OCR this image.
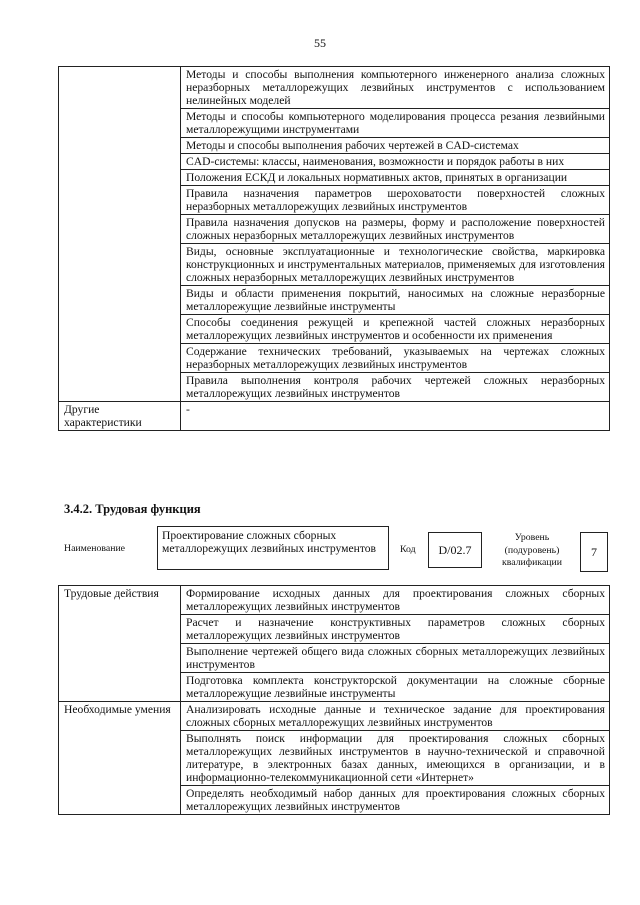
55
	Методы и способы выполнения компьютерного инженерного анализа сложных неразборных металлорежущих лезвийных инструментов с использованием нелинейных моделей
	Методы и способы компьютерного моделирования процесса резания лезвийными металлорежущими инструментами
	Методы и способы выполнения рабочих чертежей в CAD-системах
	CAD-системы: классы, наименования, возможности и порядок работы в них
	Положения ЕСКД и локальных нормативных актов, принятых в организации
	Правила назначения параметров шероховатости поверхностей сложных неразборных металлорежущих лезвийных инструментов
	Правила назначения допусков на размеры, форму и расположение поверхностей сложных неразборных металлорежущих лезвийных инструментов
	Виды, основные эксплуатационные и технологические свойства, маркировка конструкционных и инструментальных материалов, применяемых для изготовления сложных неразборных металлорежущих лезвийных инструментов
	Виды и области применения покрытий, наносимых на сложные неразборные металлорежущие лезвийные инструменты
	Способы соединения режущей и крепежной частей сложных неразборных металлорежущих лезвийных инструментов и особенности их применения
	Содержание технических требований, указываемых на чертежах сложных неразборных металлорежущих лезвийных инструментов
	Правила выполнения контроля рабочих чертежей сложных неразборных металлорежущих лезвийных инструментов
Другие характеристики	-
3.4.2. Трудовая функция
Наименование
Проектирование сложных сборных металлорежущих лезвийных инструментов	Код	D/02.7
Уровень (подуровень) квалификации
7
Трудовые действия	Формирование исходных данных для проектирования сложных сборных металлорежущих лезвийных инструментов
	Расчет и назначение конструктивных параметров сложных сборных металлорежущих лезвийных инструментов
	Выполнение чертежей общего вида сложных сборных металлорежущих лезвийных инструментов
	Подготовка комплекта конструкторской документации на сложные сборные металлорежущие лезвийные инструменты
Необходимые умения	Анализировать исходные данные и техническое задание для проектирования сложных сборных металлорежущих лезвийных инструментов
	Выполнять поиск информации для проектирования сложных сборных металлорежущих лезвийных инструментов в научно-технической и справочной литературе, в электронных базах данных, имеющихся в организации, и в информационно-телекоммуникационной сети «Интернет»
	Определять необходимый набор данных для проектирования сложных сборных металлорежущих лезвийных инструментов
